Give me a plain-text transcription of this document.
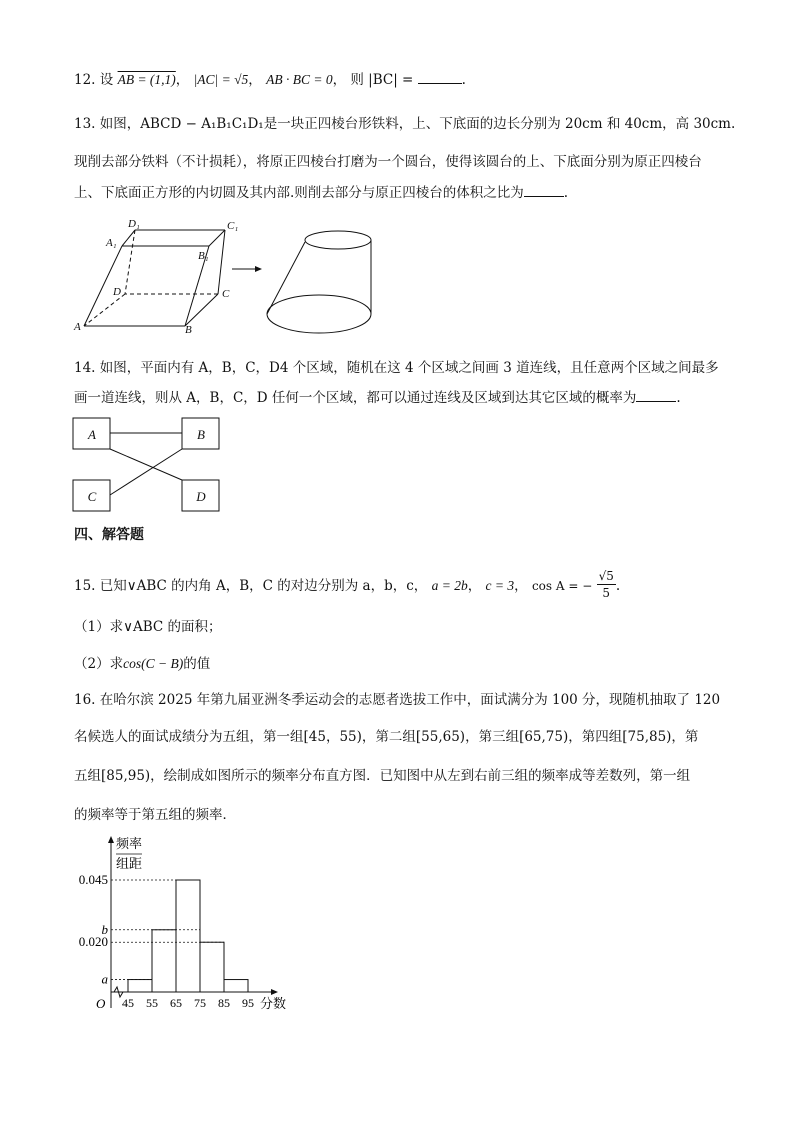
12. 设 AB = (1,1)， |AC| = √5， AB · BC = 0， 则 |BC| =	.
13. 如图，ABCD − A₁B₁C₁D₁是一块正四棱台形铁料，上、下底面的边长分别为 20cm 和 40cm，高 30cm.
现削去部分铁料（不计损耗），将原正四棱台打磨为一个圆台，使得该圆台的上、下底面分别为原正四棱台
上、下底面正方形的内切圆及其内部.则削去部分与原正四棱台的体积之比为	.
D₁	C₁
A₁
B₁
D	C
A	B
14. 如图，平面内有 A，B，C，D4 个区域，随机在这 4 个区域之间画 3 道连线，且任意两个区域之间最多
画一道连线，则从 A，B，C，D 任何一个区域，都可以通过连线及区域到达其它区域的概率为	.
A	B
C	D
四、解答题
15. 已知∨ABC 的内角 A，B，C 的对边分别为 a，b，c， a = 2b， c = 3， cos A = − $\frac{√5}{5}$ .
（1）求∨ABC 的面积；
（2）求cos(C − B)的值
16. 在哈尔滨 2025 年第九届亚洲冬季运动会的志愿者选拔工作中，面试满分为 100 分，现随机抽取了 120
名候选人的面试成绩分为五组，第一组[45，55)，第二组[55,65)，第三组[65,75)，第四组[75,85)，第
五组[85,95)，绘制成如图所示的频率分布直方图．已知图中从左到右前三组的频率成等差数列，第一组
的频率等于第五组的频率．
频率
组距
O	分数
a
0.020
b
0.045
45 55 65 75 85 95
